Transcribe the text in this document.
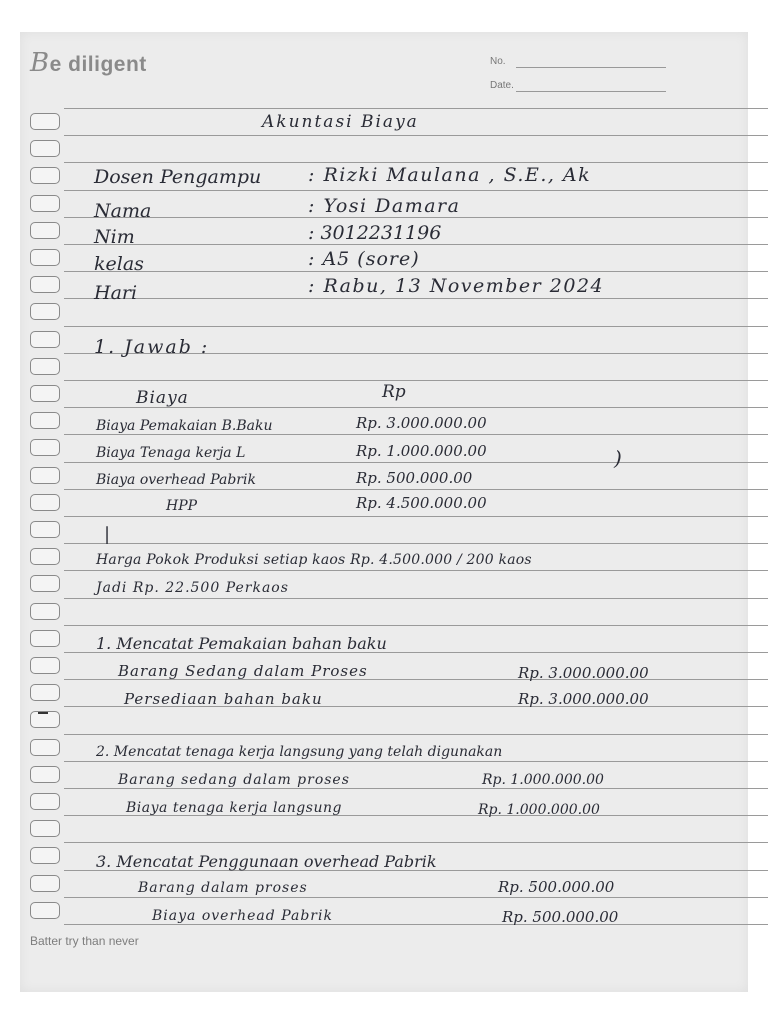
Be diligent	No.
Date.
Akuntasi Biaya
Dosen Pengampu : Rizki Maulana , S.E., Ak
Nama	: Yosi Damara
Nim	: 3012231196
kelas	: A5 (sore)
Hari	: Rabu, 13 November 2024
1. Jawab :
Biaya	Rp
Biaya Pemakaian B.Baku	Rp. 3.000.000.00
Biaya Tenaga kerja L	Rp. 1.000.000.00
Biaya overhead Pabrik	Rp. 500.000.00
HPP	Rp. 4.500.000.00
)
|
Harga Pokok Produksi setiap kaos Rp. 4.500.000 / 200 kaos
Jadi Rp. 22.500 Perkaos
1. Mencatat Pemakaian bahan baku
Barang Sedang dalam Proses	Rp. 3.000.000.00
Persediaan bahan baku	Rp. 3.000.000.00
2. Mencatat tenaga kerja langsung yang telah digunakan
Barang sedang dalam proses	Rp. 1.000.000.00
Biaya tenaga kerja langsung	Rp. 1.000.000.00
3. Mencatat Penggunaan overhead Pabrik
Barang dalam proses	Rp. 500.000.00
Biaya overhead Pabrik	Rp. 500.000.00
Batter try than never
